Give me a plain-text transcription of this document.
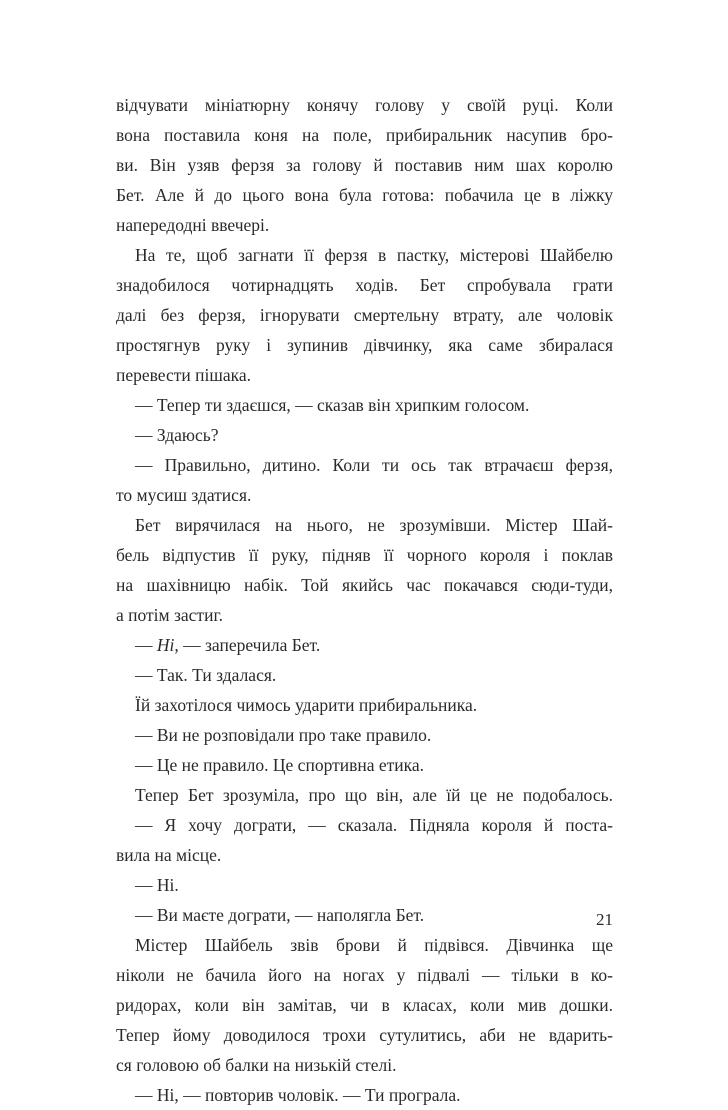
відчувати мініатюрну конячу голову у своїй руці. Коли
вона поставила коня на поле, прибиральник насупив бро-
ви. Він узяв ферзя за голову й поставив ним шах королю
Бет. Але й до цього вона була готова: побачила це в ліжку
напередодні ввечері.
На те, щоб загнати її ферзя в пастку, містерові Шайбелю
знадобилося чотирнадцять ходів. Бет спробувала грати
далі без ферзя, ігнорувати смертельну втрату, але чоловік
простягнув руку і зупинив дівчинку, яка саме збиралася
перевести пішака.
— Тепер ти здаєшся, — сказав він хрипким голосом.
— Здаюсь?
— Правильно, дитино. Коли ти ось так втрачаєш ферзя,
то мусиш здатися.
Бет вирячилася на нього, не зрозумівши. Містер Шай-
бель відпустив її руку, підняв її чорного короля і поклав
на шахівницю набік. Той якийсь час покачався сюди-туди,
а потім застиг.
— Ні, — заперечила Бет.
— Так. Ти здалася.
Їй захотілося чимось ударити прибиральника.
— Ви не розповідали про таке правило.
— Це не правило. Це спортивна етика.
Тепер Бет зрозуміла, про що він, але їй це не подобалось.
— Я хочу дограти, — сказала. Підняла короля й поста-
вила на місце.
— Ні.
— Ви маєте дограти, — наполягла Бет.
Містер Шайбель звів брови й підвівся. Дівчинка ще
ніколи не бачила його на ногах у підвалі — тільки в ко-
ридорах, коли він замітав, чи в класах, коли мив дошки.
Тепер йому доводилося трохи сутулитись, аби не вдарить-
ся головою об балки на низькій стелі.
— Ні, — повторив чоловік. — Ти програла.
21
